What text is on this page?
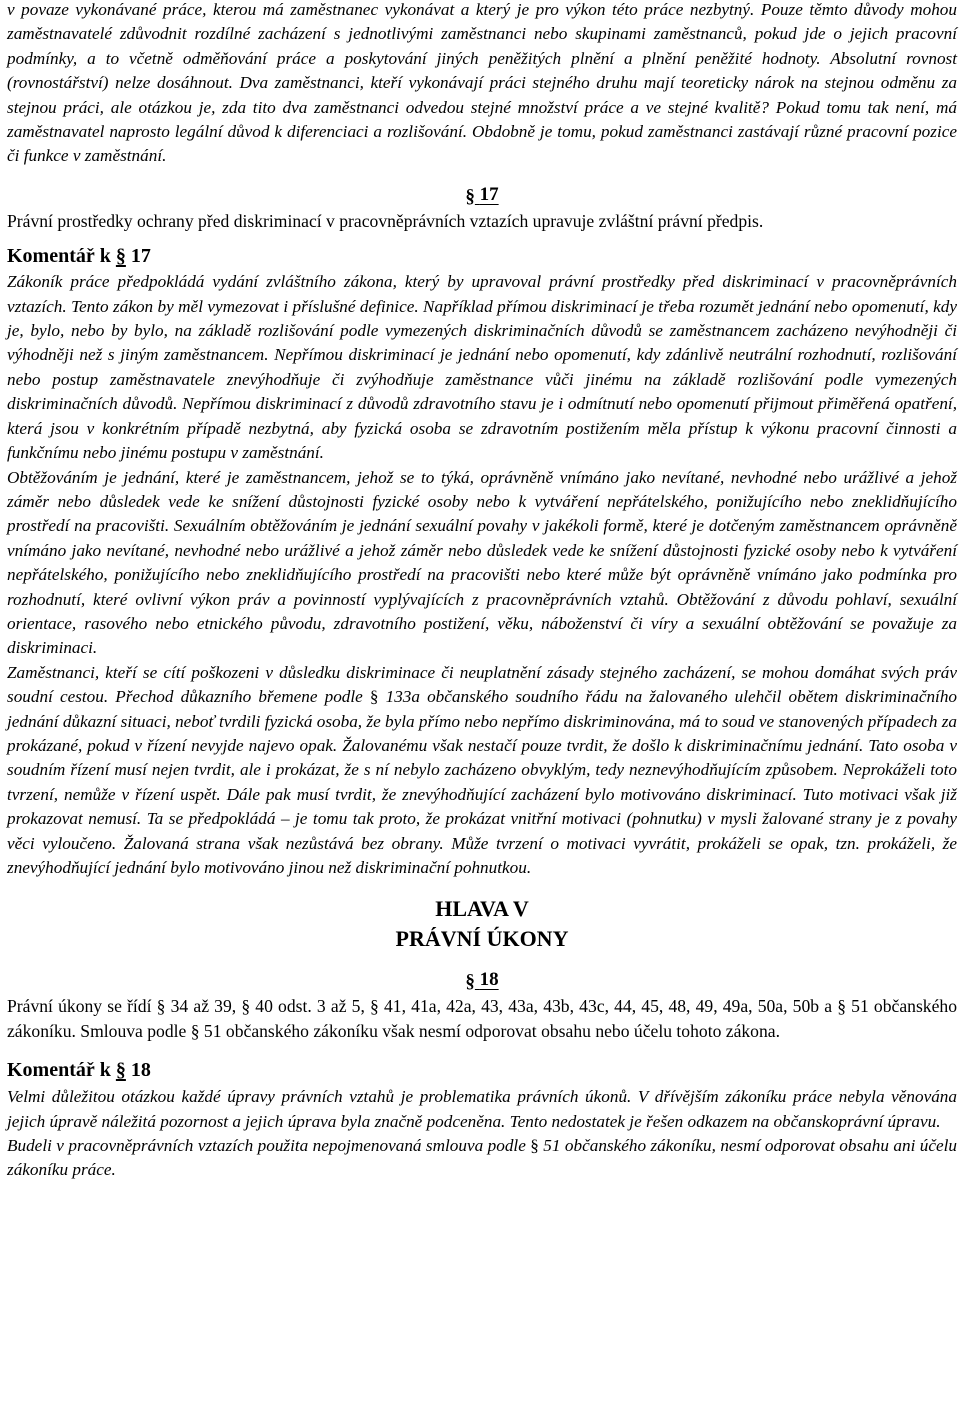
v povaze vykonávané práce, kterou má zaměstnanec vykonávat a který je pro výkon této práce nezbytný. Pouze těmto důvody mohou zaměstnavatelé zdůvodnit rozdílné zacházení s jednotlivými zaměstnanci nebo skupinami zaměstnanců, pokud jde o jejich pracovní podmínky, a to včetně odměňování práce a poskytování jiných peněžitých plnění a plnění peněžité hodnoty. Absolutní rovnost (rovnostářství) nelze dosáhnout. Dva zaměstnanci, kteří vykonávají práci stejného druhu mají teoreticky nárok na stejnou odměnu za stejnou práci, ale otázkou je, zda tito dva zaměstnanci odvedou stejné množství práce a ve stejné kvalitě? Pokud tomu tak není, má zaměstnavatel naprosto legální důvod k diferenciaci a rozlišování. Obdobně je tomu, pokud zaměstnanci zastávají různé pracovní pozice či funkce v zaměstnání.

§ 17

Právní prostředky ochrany před diskriminací v pracovněprávních vztazích upravuje zvláštní právní předpis.

Komentář k § 17

Zákoník práce předpokládá vydání zvláštního zákona, který by upravoval právní prostředky před diskriminací v pracovněprávních vztazích. Tento zákon by měl vymezovat i příslušné definice. Například přímou diskriminací je třeba rozumět jednání nebo opomenutí, kdy je, bylo, nebo by bylo, na základě rozlišování podle vymezených diskriminačních důvodů se zaměstnancem zacházeno nevýhodněji či výhodněji než s jiným zaměstnancem. Nepřímou diskriminací je jednání nebo opomenutí, kdy zdánlivě neutrální rozhodnutí, rozlišování nebo postup zaměstnavatele znevýhodňuje či zvýhodňuje zaměstnance vůči jinému na základě rozlišování podle vymezených diskriminačních důvodů. Nepřímou diskriminací z důvodů zdravotního stavu je i odmítnutí nebo opomenutí přijmout přiměřená opatření, která jsou v konkrétním případě nezbytná, aby fyzická osoba se zdravotním postižením měla přístup k výkonu pracovní činnosti a funkčnímu nebo jinému postupu v zaměstnání.

Obtěžováním je jednání, které je zaměstnancem, jehož se to týká, oprávněně vnímáno jako nevítané, nevhodné nebo urážlivé a jehož záměr nebo důsledek vede ke snížení důstojnosti fyzické osoby nebo k vytváření nepřátelského, ponižujícího nebo zneklidňujícího prostředí na pracovišti. Sexuálním obtěžováním je jednání sexuální povahy v jakékoli formě, které je dotčeným zaměstnancem oprávněně vnímáno jako nevítané, nevhodné nebo urážlivé a jehož záměr nebo důsledek vede ke snížení důstojnosti fyzické osoby nebo k vytváření nepřátelského, ponižujícího nebo zneklidňujícího prostředí na pracovišti nebo které může být oprávněně vnímáno jako podmínka pro rozhodnutí, které ovlivní výkon práv a povinností vyplývajících z pracovněprávních vztahů. Obtěžování z důvodu pohlaví, sexuální orientace, rasového nebo etnického původu, zdravotního postižení, věku, náboženství či víry a sexuální obtěžování se považuje za diskriminaci.

Zaměstnanci, kteří se cítí poškozeni v důsledku diskriminace či neuplatnění zásady stejného zacházení, se mohou domáhat svých práv soudní cestou. Přechod důkazního břemene podle § 133a občanského soudního řádu na žalovaného ulehčil obětem diskriminačního jednání důkazní situaci, neboť tvrdili fyzická osoba, že byla přímo nebo nepřímo diskriminována, má to soud ve stanovených případech za prokázané, pokud v řízení nevyjde najevo opak. Žalovanému však nestačí pouze tvrdit, že došlo k diskriminačnímu jednání. Tato osoba v soudním řízení musí nejen tvrdit, ale i prokázat, že s ní nebylo zacházeno obvyklým, tedy neznevýhodňujícím způsobem. Neprokáželi toto tvrzení, nemůže v řízení uspět. Dále pak musí tvrdit, že znevýhodňující zacházení bylo motivováno diskriminací. Tuto motivaci však již prokazovat nemusí. Ta se předpokládá – je tomu tak proto, že prokázat vnitřní motivaci (pohnutku) v mysli žalované strany je z povahy věci vyloučeno. Žalovaná strana však nezůstává bez obrany. Může tvrzení o motivaci vyvrátit, prokáželi se opak, tzn. prokáželi, že znevýhodňující jednání bylo motivováno jinou než diskriminační pohnutkou.

HLAVA V
PRÁVNÍ ÚKONY
§ 18

Právní úkony se řídí § 34 až 39, § 40 odst. 3 až 5, § 41, 41a, 42a, 43, 43a, 43b, 43c, 44, 45, 48, 49, 49a, 50a, 50b a § 51 občanského zákoníku. Smlouva podle § 51 občanského zákoníku však nesmí odporovat obsahu nebo účelu tohoto zákona.

Komentář k § 18

Velmi důležitou otázkou každé úpravy právních vztahů je problematika právních úkonů. V dřívějším zákoníku práce nebyla věnována jejich úpravě náležitá pozornost a jejich úprava byla značně podceněna. Tento nedostatek je řešen odkazem na občanskoprávní úpravu.

Budeli v pracovněprávních vztazích použita nepojmenovaná smlouva podle § 51 občanského zákoníku, nesmí odporovat obsahu ani účelu zákoníku práce.
